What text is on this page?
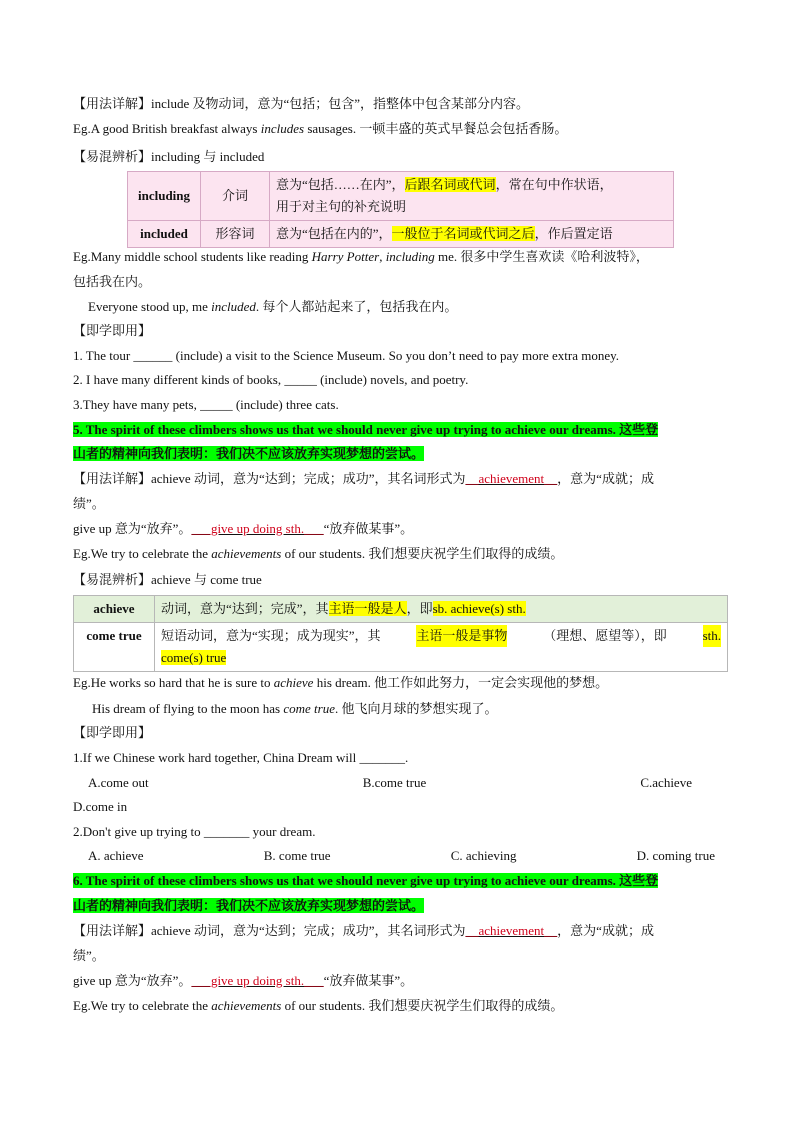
【用法详解】include 及物动词，意为“包括；包含”，指整体中包含某部分内容。
Eg.A good British breakfast always includes sausages. 一顿丰盛的英式早餐总会包括香肠。
【易混辨析】including 与 included
including	介词	意为“包括……在内”，后跟名词或代词，常在句中作状语，
用于对主句的补充说明
included	形容词	意为“包括在内的”，一般位于名词或代词之后，作后置定语
Eg.Many middle school students like reading Harry Potter, including me. 很多中学生喜欢读《哈利波特》，
包括我在内。
Everyone stood up, me included. 每个人都站起来了，包括我在内。
【即学即用】
1. The tour ______ (include) a visit to the Science Museum. So you don’t need to pay more extra money.
2. I have many different kinds of books, _____ (include) novels, and poetry.
3.They have many pets, _____ (include) three cats.
5. The spirit of these climbers shows us that we should never give up trying to achieve our dreams. 这些登
山者的精神向我们表明：我们决不应该放弃实现梦想的尝试。
【用法详解】achieve 动词，意为“达到；完成；成功”，其名词形式为__achievement__，意为“成就；成
绩”。
give up 意为“放弃”。___give up doing sth.___“放弃做某事”。
Eg.We try to celebrate the achievements of our students. 我们想要庆祝学生们取得的成绩。
【易混辨析】achieve 与 come true
achieve	动词，意为“达到；完成”，其主语一般是人，即sb. achieve(s) sth.
come true	短语动词，意为“实现；成为现实”，其 主语一般是事物 （理想、愿望等），即 sth.
come(s) true
Eg.He works so hard that he is sure to achieve his dream. 他工作如此努力，一定会实现他的梦想。
His dream of flying to the moon has come true. 他飞向月球的梦想实现了。
【即学即用】
1.If we Chinese work hard together, China Dream will _______.
A.come out	B.come true	C.achieve
D.come in
2.Don't give up trying to _______ your dream.
A. achieve	B. come true	C. achieving	D. coming true
6. The spirit of these climbers shows us that we should never give up trying to achieve our dreams. 这些登
山者的精神向我们表明：我们决不应该放弃实现梦想的尝试。
【用法详解】achieve 动词，意为“达到；完成；成功”，其名词形式为__achievement__，意为“成就；成
绩”。
give up 意为“放弃”。___give up doing sth.___“放弃做某事”。
Eg.We try to celebrate the achievements of our students. 我们想要庆祝学生们取得的成绩。
